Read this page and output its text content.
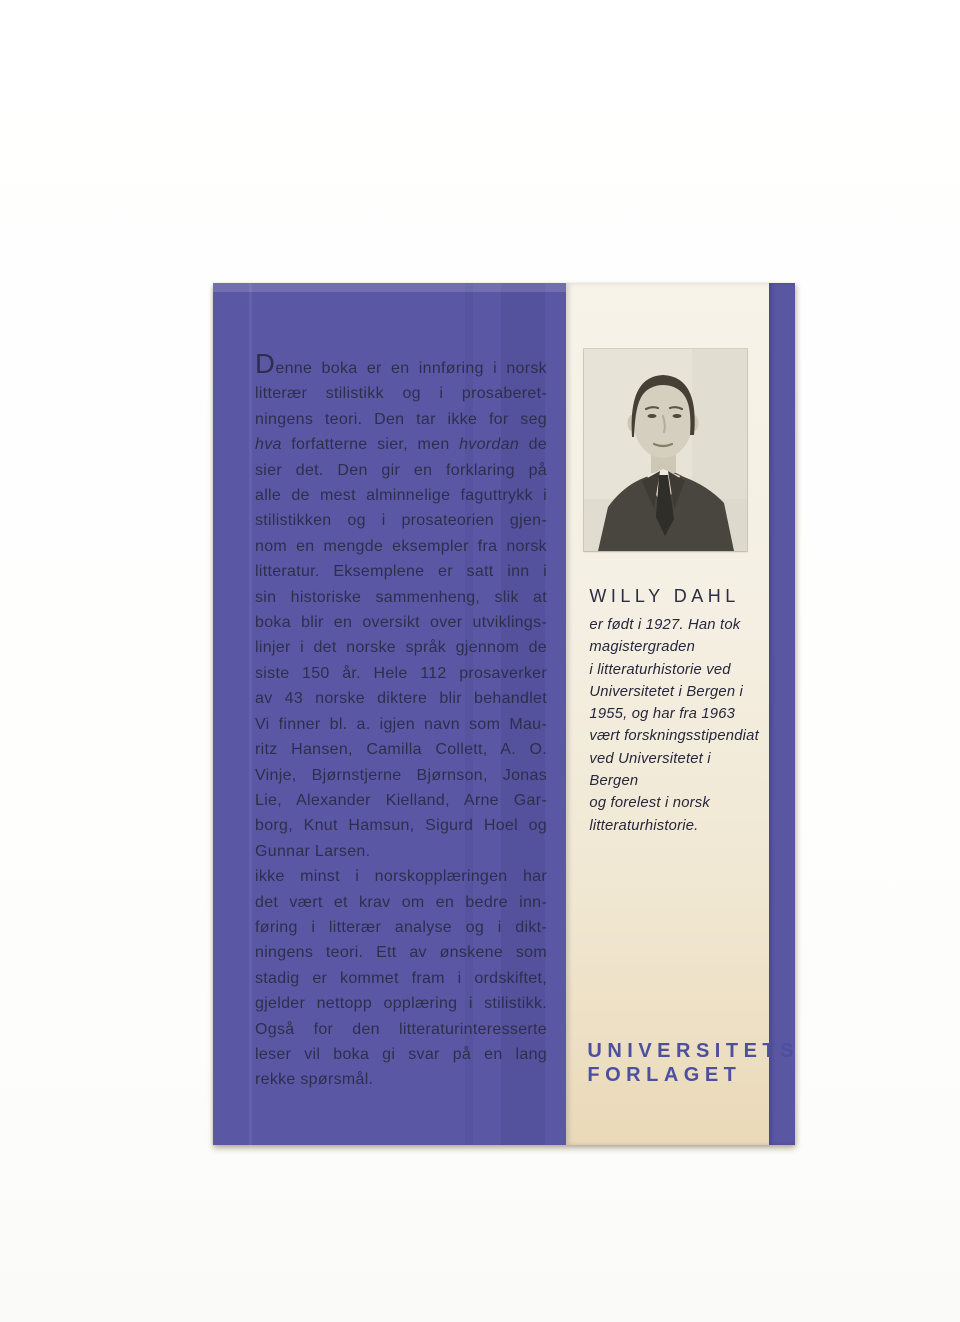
Denne boka er en innføring i norsk
litterær stilistikk og i prosaberet-
ningens teori. Den tar ikke for seg
hva forfatterne sier, men hvordan de
sier det. Den gir en forklaring på
alle de mest alminnelige faguttrykk i
stilistikken og i prosateorien gjen-
nom en mengde eksempler fra norsk
litteratur. Eksemplene er satt inn i
sin historiske sammenheng, slik at
boka blir en oversikt over utviklings-
linjer i det norske språk gjennom de
siste 150 år. Hele 112 prosaverker
av 43 norske diktere blir behandlet
Vi finner bl. a. igjen navn som Mau-
ritz Hansen, Camilla Collett, A. O.
Vinje, Bjørnstjerne Bjørnson, Jonas
Lie, Alexander Kielland, Arne Gar-
borg, Knut Hamsun, Sigurd Hoel og
Gunnar Larsen.
ikke minst i norskopplæringen har
det vært et krav om en bedre inn-
føring i litterær analyse og i dikt-
ningens teori. Ett av ønskene som
stadig er kommet fram i ordskiftet,
gjelder nettopp opplæring i stilistikk.
Også for den litteraturinteresserte
leser vil boka gi svar på en lang
rekke spørsmål.
WILLY DAHL
er født i 1927. Han tok
magistergraden
i litteraturhistorie ved
Universitetet i Bergen i
1955, og har fra 1963
vært forskningsstipendiat
ved Universitetet i Bergen
og forelest i norsk
litteraturhistorie.
UNIVERSITETS
FORLAGET
